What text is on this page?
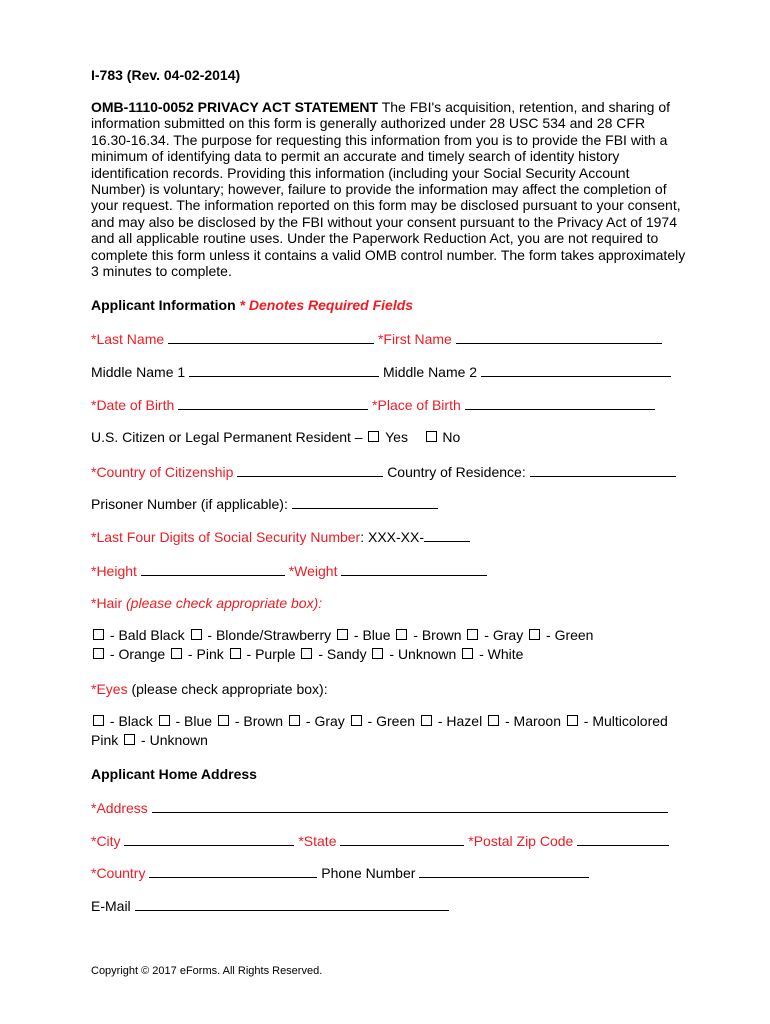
I-783 (Rev. 04-02-2014)
OMB-1110-0052 PRIVACY ACT STATEMENT The FBI's acquisition, retention, and sharing of
information submitted on this form is generally authorized under 28 USC 534 and 28 CFR
16.30-16.34. The purpose for requesting this information from you is to provide the FBI with a
minimum of identifying data to permit an accurate and timely search of identity history
identification records. Providing this information (including your Social Security Account
Number) is voluntary; however, failure to provide the information may affect the completion of
your request. The information reported on this form may be disclosed pursuant to your consent,
and may also be disclosed by the FBI without your consent pursuant to the Privacy Act of 1974
and all applicable routine uses. Under the Paperwork Reduction Act, you are not required to
complete this form unless it contains a valid OMB control number. The form takes approximately
3 minutes to complete.
Applicant Information * Denotes Required Fields
*Last Name	*First Name
Middle Name 1	Middle Name 2
*Date of Birth	*Place of Birth
U.S. Citizen or Legal Permanent Resident –  Yes No
*Country of Citizenship	Country of Residence:
Prisoner Number (if applicable):
*Last Four Digits of Social Security Number: XXX-XX-
*Height	*Weight
*Hair (please check appropriate box):
- Bald Black  - Blonde/Strawberry  - Blue  - Brown  - Gray  - Green
- Orange  - Pink  - Purple  - Sandy  - Unknown  - White
*Eyes (please check appropriate box):
- Black  - Blue  - Brown  - Gray  - Green  - Hazel  - Maroon  - Multicolored
Pink  - Unknown
Applicant Home Address
*Address
*City	*State	*Postal Zip Code
*Country	Phone Number
E-Mail
Copyright © 2017 eForms. All Rights Reserved.
